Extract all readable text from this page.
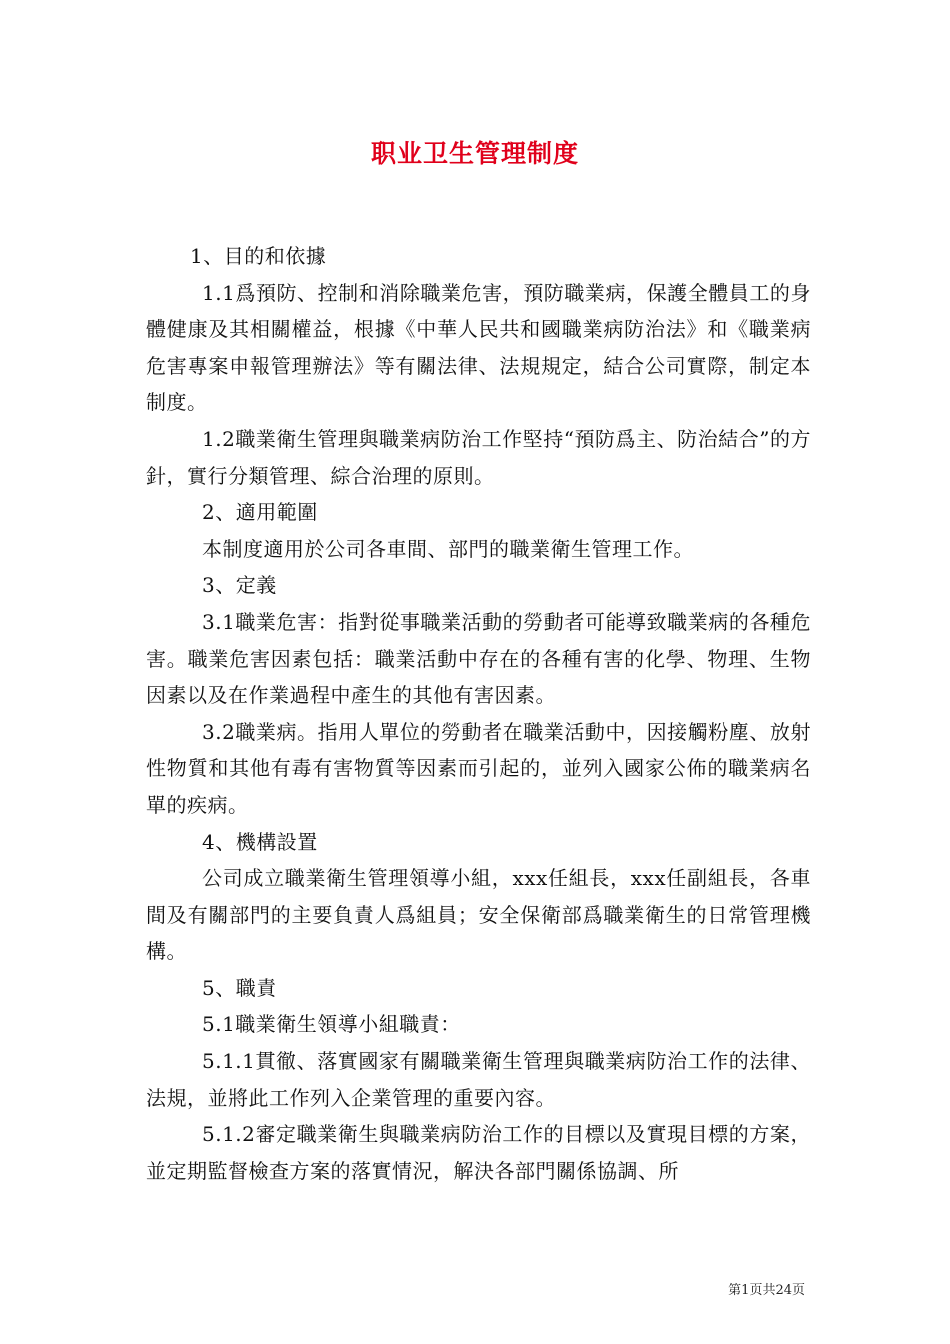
职业卫生管理制度

1、目的和依據

1.1爲預防、控制和消除職業危害，預防職業病，保護全體員工的身體健康及其相關權益，根據《中華人民共和國職業病防治法》和《職業病危害專案申報管理辦法》等有關法律、法規規定，結合公司實際，制定本制度。

1.2職業衛生管理與職業病防治工作堅持“預防爲主、防治結合”的方針，實行分類管理、綜合治理的原則。

2、適用範圍

本制度適用於公司各車間、部門的職業衛生管理工作。

3、定義

3.1職業危害：指對從事職業活動的勞動者可能導致職業病的各種危害。職業危害因素包括：職業活動中存在的各種有害的化學、物理、生物因素以及在作業過程中產生的其他有害因素。

3.2職業病。指用人單位的勞動者在職業活動中，因接觸粉塵、放射性物質和其他有毒有害物質等因素而引起的，並列入國家公佈的職業病名單的疾病。

4、機構設置

公司成立職業衛生管理領導小組，xxx任組長，xxx任副組長，各車間及有關部門的主要負責人爲組員；安全保衛部爲職業衛生的日常管理機構。

5、職責

5.1職業衛生領導小組職責：

5.1.1貫徹、落實國家有關職業衛生管理與職業病防治工作的法律、法規，並將此工作列入企業管理的重要內容。

5.1.2審定職業衛生與職業病防治工作的目標以及實現目標的方案，並定期監督檢查方案的落實情況，解決各部門關係協調、所

第1页共24页
